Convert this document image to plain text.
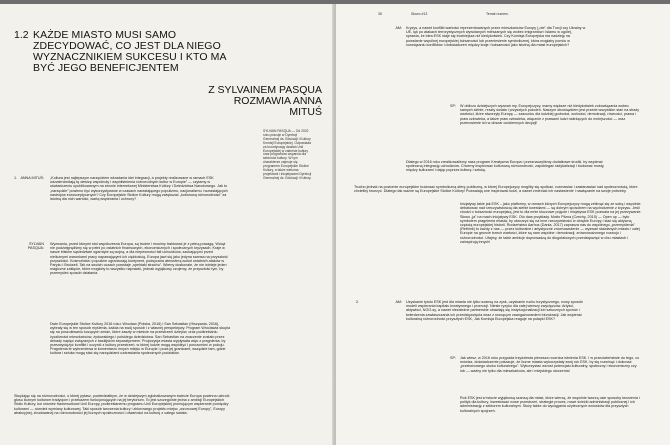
1.2 KAŻDE MIASTO MUSI SAMO ZDECYDOWAĆ, CO JEST DLA NIEGO WYZNACZNIKIEM SUKCESU I KTO MA BYĆ JEGO BENEFICJENTEM
Z SYLVAINEM PASQUA ROZMAWIA ANNA MITUŚ
SYLVAIN PASQUA — Od 2002 roku pracuje w Dyrekcji Generalnej ds. Edukacji i Kultury Komisji Europejskiej. Odpowiada za koordynację działań Unii Europejskiej w zakresie kultury oraz programów wsparcia dla sektorów kultury. W tym charakterze zajmuje się programem Europejskie Stolice Kultury, a także wieloma projektami i inicjatywami Dyrekcji Generalnej ds. Edukacji i Kultury.
1. ANNA MITUŚ: „Kultura jest najlepszym narzędziem wkradania idei integracji, a projekty realizowane w ramach ESK odzwierciedlają tę dewizę wspólnoty i współistnienia różnorodnych kultur w Europie” — czytamy w oświadczeniu opublikowanym na stronie internetowej Ministerstwa Kultury i Dziedzictwa Narodowego. Jak to „narzędzie” powinno być wykorzystywane w czasach narastającego populizmu, nacjonalizmu i wzrastających nastrojów eurosceptycznych? Czy Europejskie Stolice Kultury mogą zwiększać „kulturową różnorodność” za istotną dla nich wartość, wartą wspierania i ochrony?
SYLVAIN PASQUA:
Wyzwania, przed którymi stoi współczesna Europa, są trudne i musimy traktować je z pełną powagą. Wciąż nie podźwignęliśmy się w pełni po ostatnich finansowych, ekonomicznych i społecznych kryzysach. Kraje w nasze bliskim sąsiedztwie ogarnięte są wojną, a dla niepewności fali uchodźców, szukającymi przed nielicznymi warunkami pracy napawającymi ich ciężkością. Europa jawi się jako jedyna szansa na przyszłość przyszłości. Kosmofobia i populizm ograniczają kontynent, podsycana atmosferą wokół ostatnich ataków w Paryżu i Brukseli. Tak na swoich oczach powstaje „spektakl strachu”. Wiemy doskonale, że nie istnieje jeden magiczne zaklęcie, które mogłoby to wszystko naprawić, jednak wyjątkowy czujemy, że przyszłość tym, by przemyśleć sposób działania.
Dwie Europejskie Stolice Kultury 2016 roku: Wrocław (Polska, 2016) i San Sebastian (Hiszpania, 2016), wybrały się w ten sposób myślenia, każda na swój sposób i z własnej perspektywy. Program Wrocławia skupia się na poszukiwaniu kozących zmian, które zaszły w mieście na przestrzeni dziejów, oraz podkreślaniu życzliwości mieszkańców, żydowskiego i polskiego dziedzictwa. San Sebastian na znaczenie zostało przez dekady napięć związanych z baskijskim separatyzmem. Propozycja miasta wypływała więc z pragnienia, by przezwyciężyć konflikt i uczynić z kultury przestrzeń, w której ludzie mogą współżyć i porozumieć w pokoju. Pragnienia te wybrzmiewa w komentarzu innych miejsc w Europie i poza jej granicami; wszędzie tam, gdzie kultura i sztuka mogą stać się narzędziami uzdrawiania społecznych podziałów.
Skupiając się na różnorodności, o której pytasz, powiedziałbym, że w dzisiejszym zglobalizowanym świecie Europa powinna uzbroić głosu licznym kulturom tradycjom i przekazem funkcjonujących na jej terytorium. To jest szczególnie jedna z ambicji Europejskich Stolic Kultury, koi również frameworkowi Unii Europy, podkreślanemu programu Unii Europejskiej promującym wspieranie pomiędzy kulturami — również wymiany kulturowej. Taki sposób tworzenia kultury i zbiorowego projektu miejsc „wzorcowej Europy”, Europy atrakcyjnej, zbudowanej na różnorodności jej licznych społeczności i otwartości na kulturę z całego świata.
35	Słowo #13	Temat numeru
AM: Kryzys, a nawet konflikt wartości reprezentowanych przez mieszkańców Europy („nie” dla Turcji czy Ukrainy w UE, lęk po atakach terrorystycznych wywołanych mieszanych się wobec imigrantów i Islamu w ogóle), sprawia, że idea ESK staje się trudniejsza niż kiedykolwiek. Czy Komisja Europejska ma nadzieję na powstanie wspólnej europejskiej tożsamości lub przeniesienie symbolicznej, która mogłaby pomóc w rozwiązaniu konfliktów i doświadczeń między kraje i tożsamości jako istotną dla miast europejskich?
SP: W obliczu dzisiejszych wyzwań my, Europejczycy, mamy większe niż kiedykolwiek zobowiązania wobec samych siebie, reszty świata i przyszłych pokoleń. Naszym obowiązkiem jest przede wszystkim stać na straży wartości, które stworzyły Europę — szacunku dla ludzkiej godności, wolności, demokracji, równości, prawa i praw człowieka, a także praw człowieka, włącznie z prawami ludzi należących do mniejszości — oraz przenosienie ich w obszar codziennych decyzji!
Dlatego w 2016 roku zrealizowaliśmy nasz program Kreatywna Europa i przeznaczyliśmy dodatkowe środki, by wspierać społeczną integrację uchodźców. Chcemy inspirować kulturową różnorodność, zapobiegać radykalizacji i budować mosty, między kulturami i dając poprzez kulturę i sztukę.
Trudno jednak na poziomie europejskim budować symboliczną sferę publiczną, w której Europejczycy mogliby się spotkać, rozmawiać i zastanawiać nad społecznością, które chcieliby tworzyć. Dlatego tak ważne są Europejskie Stolice Kultury! Pozwalają one inspirować ludzi, a nawet zmieniać ich nastawienie i nawiązanie na swoje potrzeby.
Inicjatywy takie jak ESK – jako platformy, w ramach których Europejczycy mogą zetknąć się ze sobą i wspólnie debatować nad rzeczywistością dla siebie kwestiami — są dobrym sposobem na wychodzenie z kryzysu. Jeśli chodzi o tożsamość europejską, jest to dla mnie kluczowe pojęcie i inicjatywa ESK pozwala na jej przeżywanie. Słowo „ja” na mach inicjatywy ESK. Oto dwa przykłady. Motto Pilzna (Czechy, 2015) — Open up — było symbolem pragnienia miasta, by otworzyć się na inne rzeczywistości w obrębie Europy i stać się aktywną częścią europejskiej historii. Rodzeństwo Aarhus (Dania, 2017) zaprasza nas do wspólnego „przemyślenia” (Rethink) to każdy z nas — przez kulturalne i artystyczne zrównoważenie — wyzwań stawianych miastu i całej Europie na gruncie trzech wartości, które są nam wspólne: demokracji, zrównoważonego rozwoju i różnorodności. Ufajmy, że takie ambicje doprowadzą do długofalowych przedsięwzięć w obu miastach i zainspirują innych!
2.	AM: Uzyskanie tytułu ESK jest dla miasta nie tylko szansą na zysk, uzyskanie ruchu turystycznego, nowy sposób modeli wspierania kapitału kreatywnego i promocji. Niesie ryzyko dla całej wierszy zwycięzców. Artyści, aktywiści, NGO-sy, a nawet niezależne partnerskie obawiają się instytucjonalizacji lub sztucznych sporów i twierdzenia zawłaszczania ich przedsięwzięcia wraz z rosnącym zaangażowaniem biurokracji. Jak wspierać kulturalną różnorodność przyszłych ESK, Jak Komisja Europejska reaguje na pułapki ESK?
SP: Jak wiesz, w 2016 roku przypada trzydziesta pierwsza rocznica istnienia ESK. I w przeciwieństwie do tego, co mówisz, doświadczenie pokazuje, że liczne miasta wykorzystały swój rok ESK, by się rozwinąć i dokonać „przełomowego skoku kulturalnego”. Wykorzystać wzrost potencjału kulturalny, społeczny i ekonomiczny czy lub — ważny nie tylko dla mieszkańców, ale i miejskiego otoczenia!
Rok ESK jest w istocie wyjątkową szansą dla miast, które wierzą, że wspólnie tworzą osie sposoby tworzenia i polityk dla kultury, inwestować nowe przestrzeń, strategie proces, nowe ścieżki administracji publicznej i ich administrację z sektorem kulturalnym. Służy także do wyciągania użytecznych wniosków dla przyszłych kulturalnych spojrzeń.
